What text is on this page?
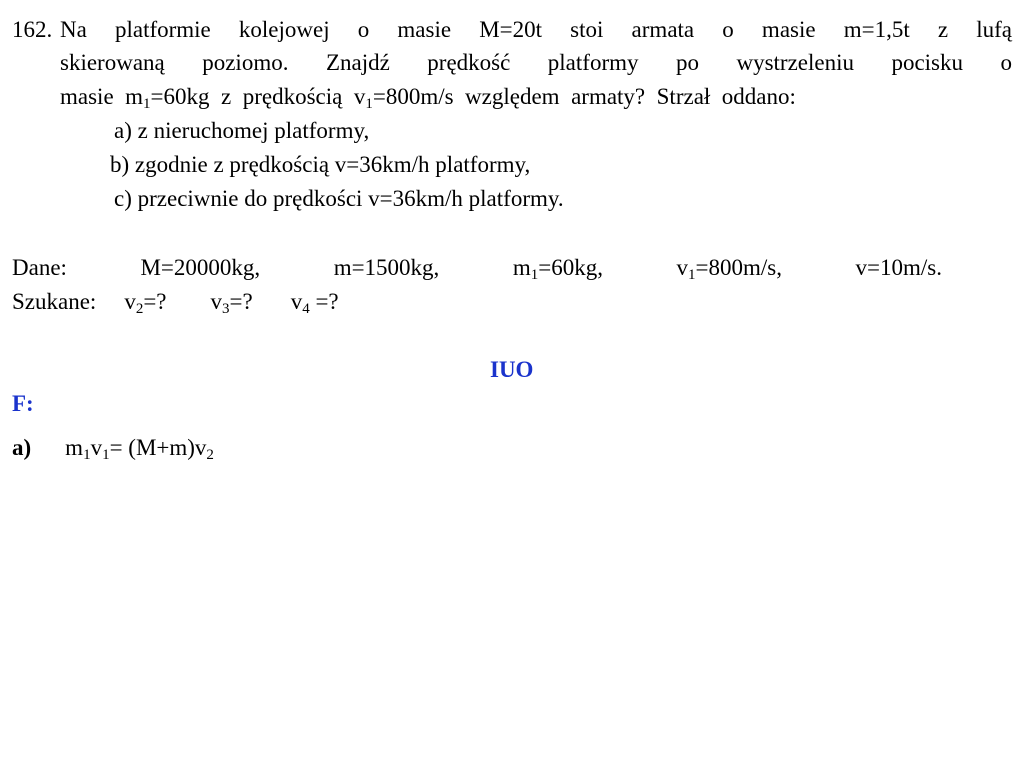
162. Na platformie kolejowej o masie M=20t stoi armata o masie m=1,5t z lufą
skierowaną poziomo. Znajdź prędkość platformy po wystrzeleniu pocisku o
masie  $m_1=60kg$  z  prędkością  $v_1=800m/s$  względem  armaty?  Strzał  oddano:
a) z nieruchomej platformy,
b) zgodnie z prędkością v=36km/h platformy,
c) przeciwnie do prędkości v=36km/h platformy.
Dane:	M=20000kg,	m=1500kg,	$m_1=60kg$,	$v_1=800m/s$,	v=10m/s.
Szukane: $v_2=$? $v_3=$? $v_4$ =?
IUO
F:
a) $m_1v_1= (M+m)v_2$
